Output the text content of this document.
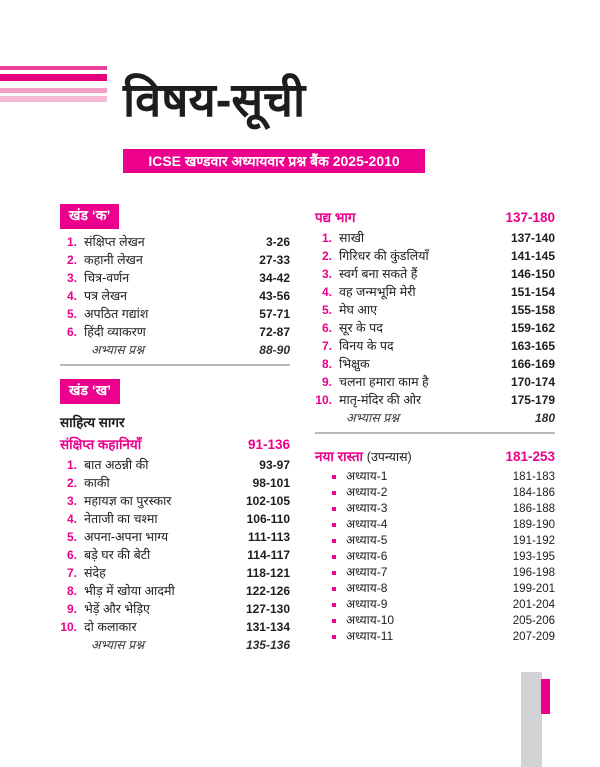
विषय-सूची
ICSE खण्डवार अध्यायवार प्रश्न बैंक 2025-2010
खंड ‘क’
1. संक्षिप्त लेखन	3-26
2. कहानी लेखन	27-33
3. चित्र-वर्णन	34-42
4. पत्र लेखन	43-56
5. अपठित गद्यांश	57-71
6. हिंदी व्याकरण	72-87
अभ्यास प्रश्न	88-90
खंड ‘ख’
साहित्य सागर
संक्षिप्त कहानियाँ	91-136
1. बात अठन्नी की	93-97
2. काकी	98-101
3. महायज्ञ का पुरस्कार	102-105
4. नेताजी का चश्मा	106-110
5. अपना-अपना भाग्य	111-113
6. बड़े घर की बेटी	114-117
7. संदेह	118-121
8. भीड़ में खोया आदमी	122-126
9. भेड़ें और भेड़िए	127-130
10. दो कलाकार	131-134
अभ्यास प्रश्न	135-136
पद्य भाग	137-180
1. साखी	137-140
2. गिरिधर की कुंडलियाँ	141-145
3. स्वर्ग बना सकते हैं	146-150
4. वह जन्मभूमि मेरी	151-154
5. मेघ आए	155-158
6. सूर के पद	159-162
7. विनय के पद	163-165
8. भिक्षुक	166-169
9. चलना हमारा काम है	170-174
10. मातृ-मंदिर की ओर	175-179
अभ्यास प्रश्न	180
नया रास्ता (उपन्यास)	181-253
अध्याय-1	181-183
अध्याय-2	184-186
अध्याय-3	186-188
अध्याय-4	189-190
अध्याय-5	191-192
अध्याय-6	193-195
अध्याय-7	196-198
अध्याय-8	199-201
अध्याय-9	201-204
अध्याय-10	205-206
अध्याय-11	207-209
